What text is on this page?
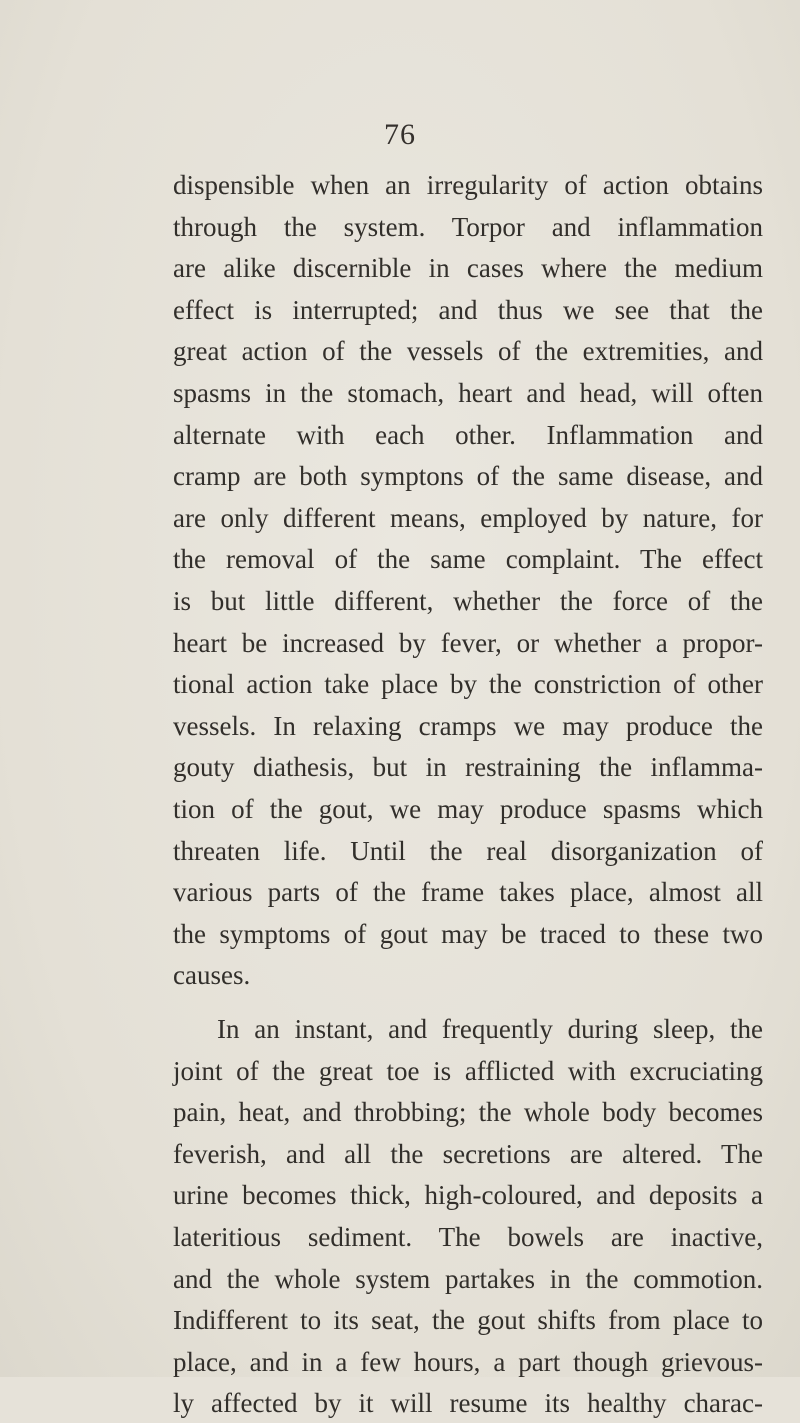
76
dispensible when an irregularity of action obtains
through the system. Torpor and inflammation
are alike discernible in cases where the medium
effect is interrupted; and thus we see that the
great action of the vessels of the extremities, and
spasms in the stomach, heart and head, will often
alternate with each other. Inflammation and
cramp are both symptons of the same disease, and
are only different means, employed by nature, for
the removal of the same complaint. The effect
is but little different, whether the force of the
heart be increased by fever, or whether a propor-
tional action take place by the constriction of other
vessels. In relaxing cramps we may produce the
gouty diathesis, but in restraining the inflamma-
tion of the gout, we may produce spasms which
threaten life. Until the real disorganization of
various parts of the frame takes place, almost all
the symptoms of gout may be traced to these two
causes.
In an instant, and frequently during sleep, the
joint of the great toe is afflicted with excruciating
pain, heat, and throbbing; the whole body becomes
feverish, and all the secretions are altered. The
urine becomes thick, high-coloured, and deposits a
lateritious sediment. The bowels are inactive,
and the whole system partakes in the commotion.
Indifferent to its seat, the gout shifts from place to
place, and in a few hours, a part though grievous-
ly affected by it will resume its healthy charac-
